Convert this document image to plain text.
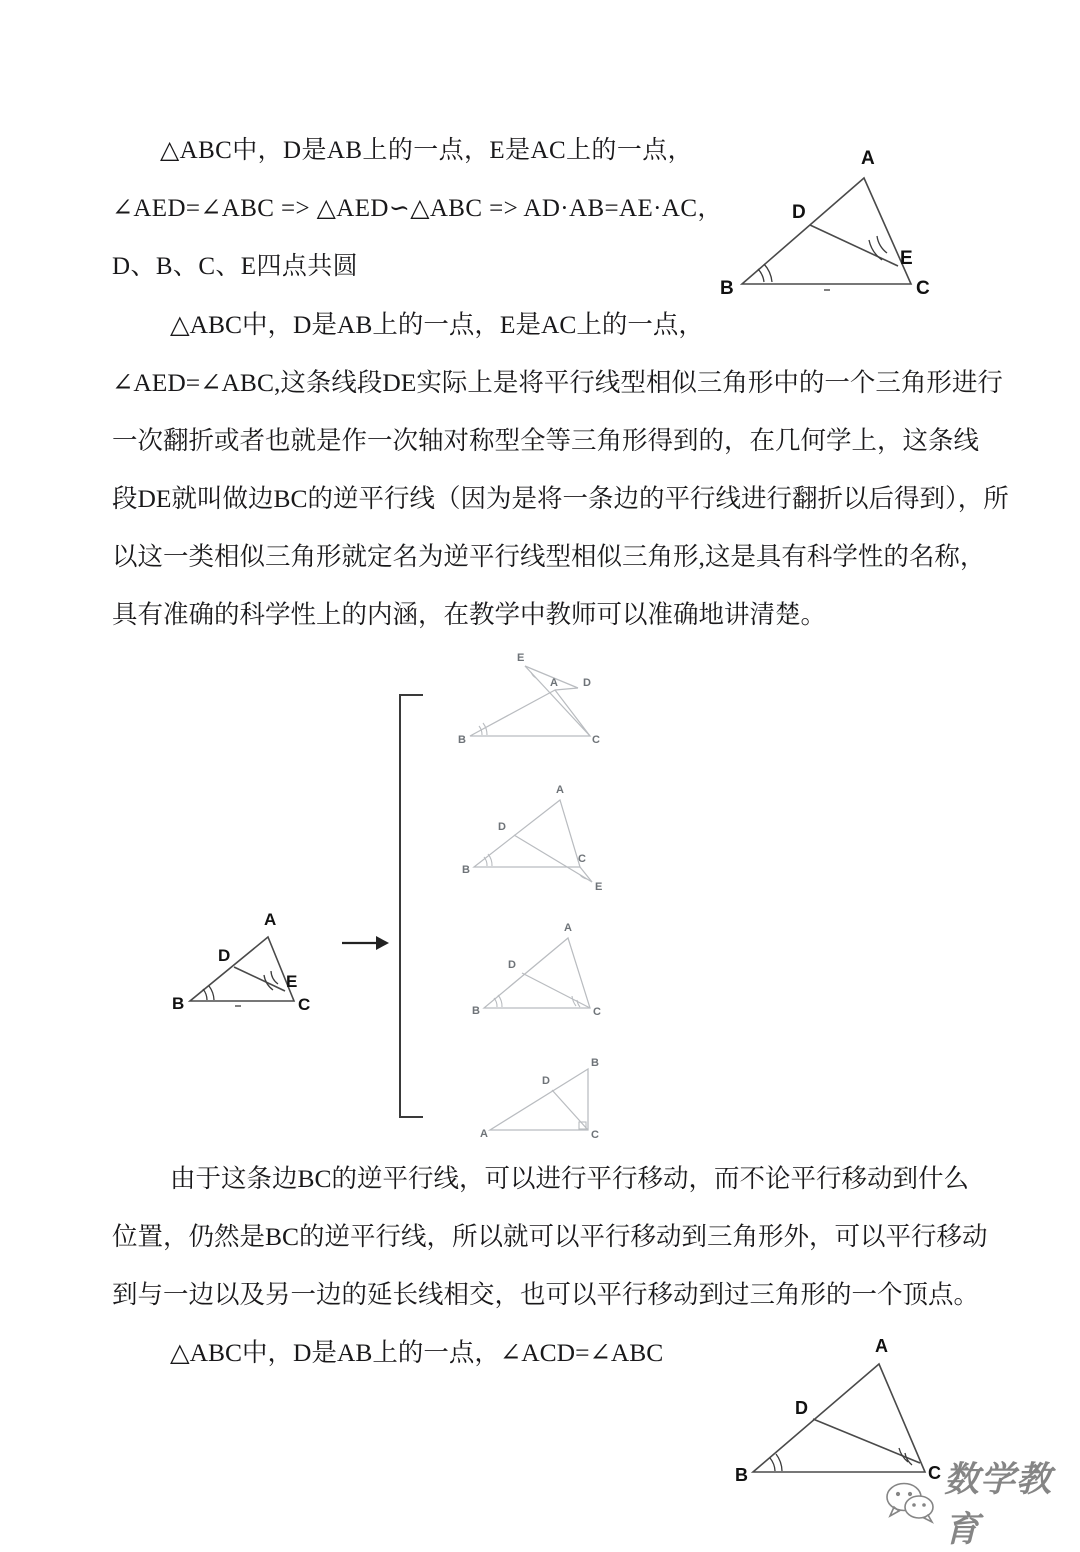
△ABC中，D是AB上的一点，E是AC上的一点，
∠AED=∠ABC => △AED∽△ABC => AD·AB=AE·AC，
D、B、C、E四点共圆
A
D
E
B	C
△ABC中，D是AB上的一点，E是AC上的一点，
∠AED=∠ABC,这条线段DE实际上是将平行线型相似三角形中的一个三角形进行
一次翻折或者也就是作一次轴对称型全等三角形得到的，在几何学上，这条线
段DE就叫做边BC的逆平行线（因为是将一条边的平行线进行翻折以后得到），所
以这一类相似三角形就定名为逆平行线型相似三角形,这是具有科学性的名称，
具有准确的科学性上的内涵，在教学中教师可以准确地讲清楚。
A
D
E
B	C
E
D
A
B	C
A
D
B
C
E
A
D
B	C
B
D
A	C
由于这条边BC的逆平行线，可以进行平行移动，而不论平行移动到什么
位置，仍然是BC的逆平行线，所以就可以平行移动到三角形外，可以平行移动
到与一边以及另一边的延长线相交，也可以平行移动到过三角形的一个顶点。
△ABC中，D是AB上的一点，∠ACD=∠ABC	A
D
B	C 数学教育
